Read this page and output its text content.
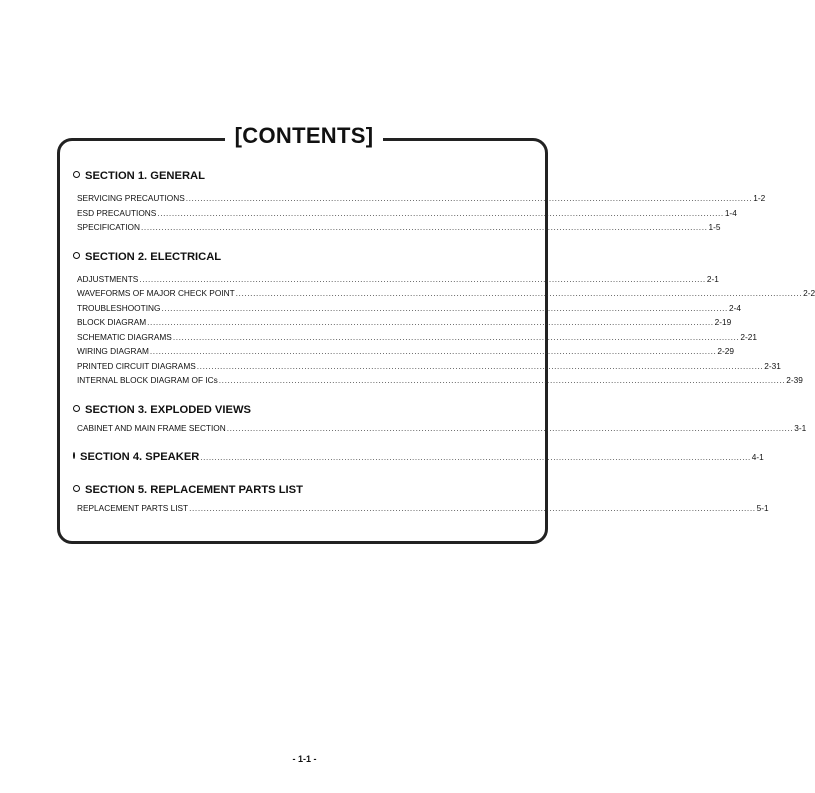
[CONTENTS]
SECTION 1. GENERAL
SERVICING PRECAUTIONS ................................................................................................................................................................................................... 1-2
ESD PRECAUTIONS ................................................................................................................................................................................................... 1-4
SPECIFICATION ................................................................................................................................................................................................... 1-5
SECTION 2. ELECTRICAL
ADJUSTMENTS ................................................................................................................................................................................................... 2-1
WAVEFORMS OF MAJOR CHECK POINT ................................................................................................................................................................................................... 2-2
TROUBLESHOOTING ................................................................................................................................................................................................... 2-4
BLOCK DIAGRAM ................................................................................................................................................................................................... 2-19
SCHEMATIC DIAGRAMS ................................................................................................................................................................................................... 2-21
WIRING DIAGRAM ................................................................................................................................................................................................... 2-29
PRINTED CIRCUIT DIAGRAMS ................................................................................................................................................................................................... 2-31
INTERNAL BLOCK DIAGRAM OF ICs ................................................................................................................................................................................................... 2-39
SECTION 3. EXPLODED VIEWS
CABINET AND MAIN FRAME SECTION ................................................................................................................................................................................................... 3-1
SECTION 4. SPEAKER ................................................................................................................................................................................................... 4-1
SECTION 5. REPLACEMENT PARTS LIST
REPLACEMENT PARTS LIST ................................................................................................................................................................................................... 5-1
- 1-1 -
